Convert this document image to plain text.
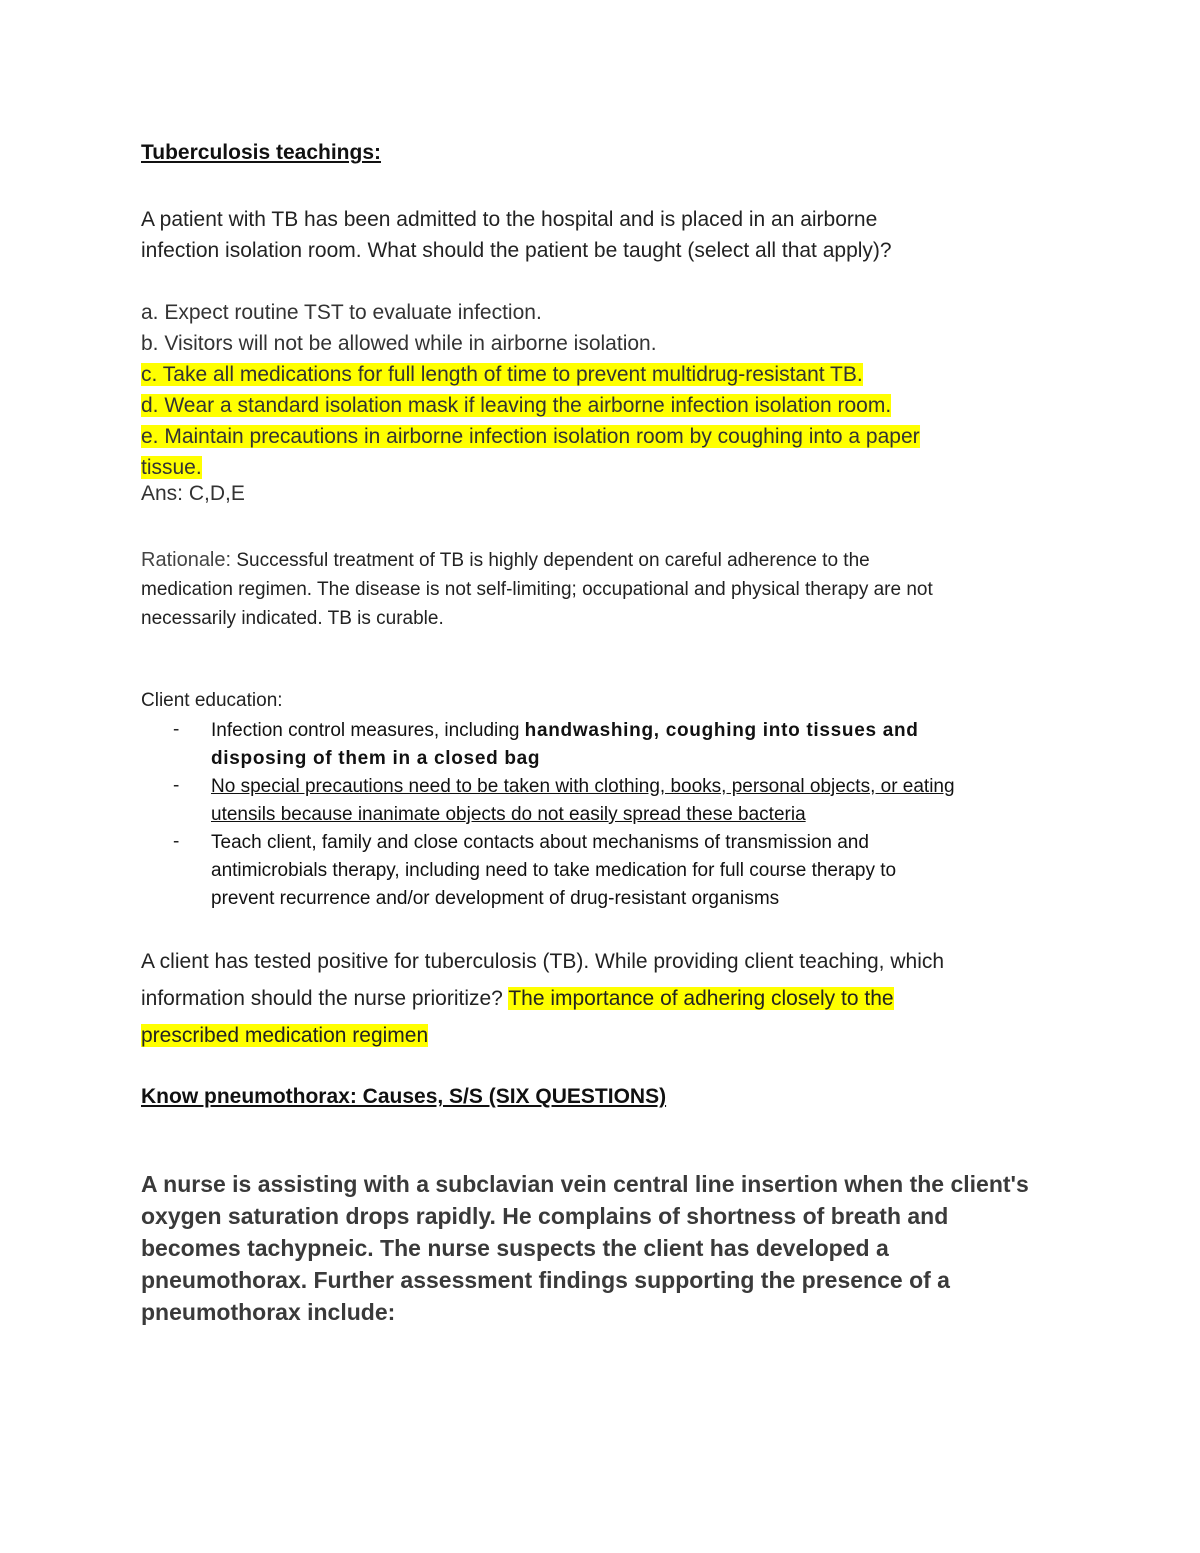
Tuberculosis teachings:
A patient with TB has been admitted to the hospital and is placed in an airborne
infection isolation room. What should the patient be taught (select all that apply)?
a. Expect routine TST to evaluate infection.
b. Visitors will not be allowed while in airborne isolation.
c. Take all medications for full length of time to prevent multidrug-resistant TB.
d. Wear a standard isolation mask if leaving the airborne infection isolation room.
e. Maintain precautions in airborne infection isolation room by coughing into a paper
tissue.
Ans: C,D,E
Rationale: Successful treatment of TB is highly dependent on careful adherence to the
medication regimen. The disease is not self-limiting; occupational and physical therapy are not
necessarily indicated. TB is curable.
Client education:
- Infection control measures, including handwashing, coughing into tissues and
disposing of them in a closed bag
- No special precautions need to be taken with clothing, books, personal objects, or eating
utensils because inanimate objects do not easily spread these bacteria
- Teach client, family and close contacts about mechanisms of transmission and
antimicrobials therapy, including need to take medication for full course therapy to
prevent recurrence and/or development of drug-resistant organisms
A client has tested positive for tuberculosis (TB). While providing client teaching, which
information should the nurse prioritize? The importance of adhering closely to the
prescribed medication regimen
Know pneumothorax: Causes, S/S (SIX QUESTIONS)
A nurse is assisting with a subclavian vein central line insertion when the client's
oxygen saturation drops rapidly. He complains of shortness of breath and
becomes tachypneic. The nurse suspects the client has developed a
pneumothorax. Further assessment findings supporting the presence of a
pneumothorax include:
